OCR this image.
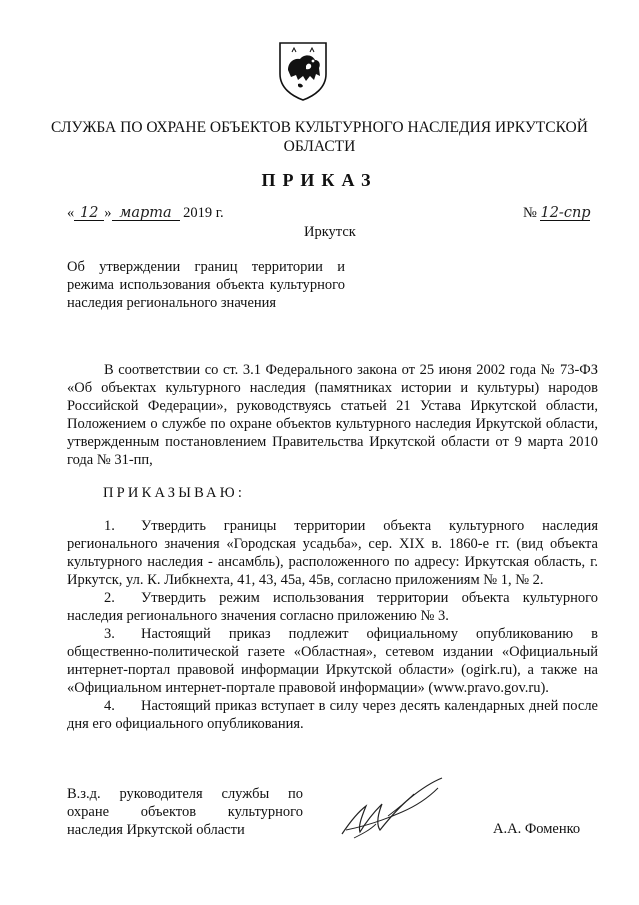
СЛУЖБА ПО ОХРАНЕ ОБЪЕКТОВ КУЛЬТУРНОГО НАСЛЕДИЯ ИРКУТСКОЙ ОБЛАСТИ
ПРИКАЗ
« 12 » марта 2019 г.	№ 12-спр
Иркутск
Об утверждении границ территории и режима использования объекта культурного наследия регионального значения
В соответствии со ст. 3.1 Федерального закона от 25 июня 2002 года № 73-ФЗ «Об объектах культурного наследия (памятниках истории и культуры) народов Российской Федерации», руководствуясь статьей 21 Устава Иркутской области, Положением о службе по охране объектов культурного наследия Иркутской области, утвержденным постановлением Правительства Иркутской области от 9 марта 2010 года № 31-пп,
ПРИКАЗЫВАЮ:

1. Утвердить границы территории объекта культурного наследия регионального значения «Городская усадьба», сер. XIX в. 1860-е гг. (вид объекта культурного наследия - ансамбль), расположенного по адресу: Иркутская область, г. Иркутск, ул. К. Либкнехта, 41, 43, 45а, 45в, согласно приложениям № 1, № 2.

2. Утвердить режим использования территории объекта культурного наследия регионального значения согласно приложению № 3.

3. Настоящий приказ подлежит официальному опубликованию в общественно-политической газете «Областная», сетевом издании «Официальный интернет-портал правовой информации Иркутской области» (ogirk.ru), а также на «Официальном интернет-портале правовой информации» (www.pravo.gov.ru).

4. Настоящий приказ вступает в силу через десять календарных дней после дня его официального опубликования.

В.з.д. руководителя службы по охране объектов культурного наследия Иркутской области	А.А. Фоменко
